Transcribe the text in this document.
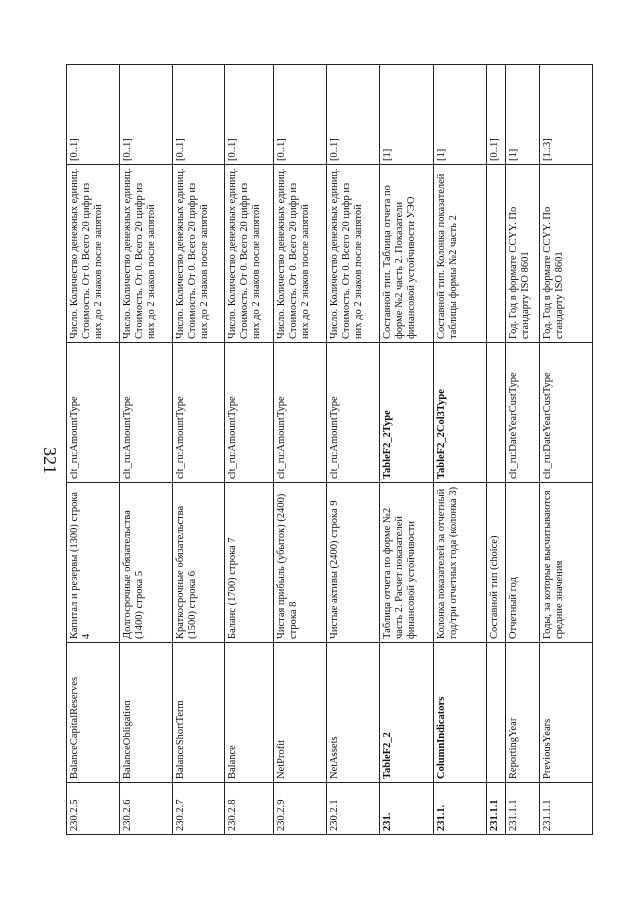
321
230.2.5	BalanceCapitalReserves	Капитал и резервы (1300) строка 4	clt_ru:AmountType	Число. Количество денежных единиц. Стоимость. От 0. Всего 20 цифр из них до 2 знаков после запятой	[0..1]
230.2.6	BalanceObligation	Долгосрочные обязательства (1400) строка 5	clt_ru:AmountType	Число. Количество денежных единиц. Стоимость. От 0. Всего 20 цифр из них до 2 знаков после запятой	[0..1]
230.2.7	BalanceShortTerm	Краткосрочные обязательства (1500) строка 6	clt_ru:AmountType	Число. Количество денежных единиц. Стоимость. От 0. Всего 20 цифр из них до 2 знаков после запятой	[0..1]
230.2.8	Balance	Баланс (1700) строка 7	clt_ru:AmountType	Число. Количество денежных единиц. Стоимость. От 0. Всего 20 цифр из них до 2 знаков после запятой	[0..1]
230.2.9	NetProfit	Чистая прибыль (убыток) (2400) строка 8	clt_ru:AmountType	Число. Количество денежных единиц. Стоимость. От 0. Всего 20 цифр из них до 2 знаков после запятой	[0..1]
230.2.1	NetAssets	Чистые активы (2400) строка 9	clt_ru:AmountType	Число. Количество денежных единиц. Стоимость. От 0. Всего 20 цифр из них до 2 знаков после запятой	[0..1]
231.	TableF2_2	Таблица отчета по форме №2 часть 2. Расчет показателей финансовой устойчивости	TableF2_2Type	Составной тип. Таблица отчета по форме №2 часть 2. Показатели финансовой устойчивости УЭО	[1]
231.1.	ColumnIndicators	Колонка показателей за отчетный год/три отчетных года (колонка 3)	TableF2_2Col3Type	Составной тип. Колонка показателей таблицы формы №2 часть 2	[1]
231.1.1		Составной тип (choice)			[0..1]
231.1.1	ReportingYear	Отчетный год	clt_ru:DateYearCustType	Год. Год в формате CCYY. По стандарту ISO 8601	[1]
231.1.1	PreviousYears	Годы, за которые высчитываются средние значения	clt_ru:DateYearCustType	Год. Год в формате CCYY. По стандарту ISO 8601	[1..3]
